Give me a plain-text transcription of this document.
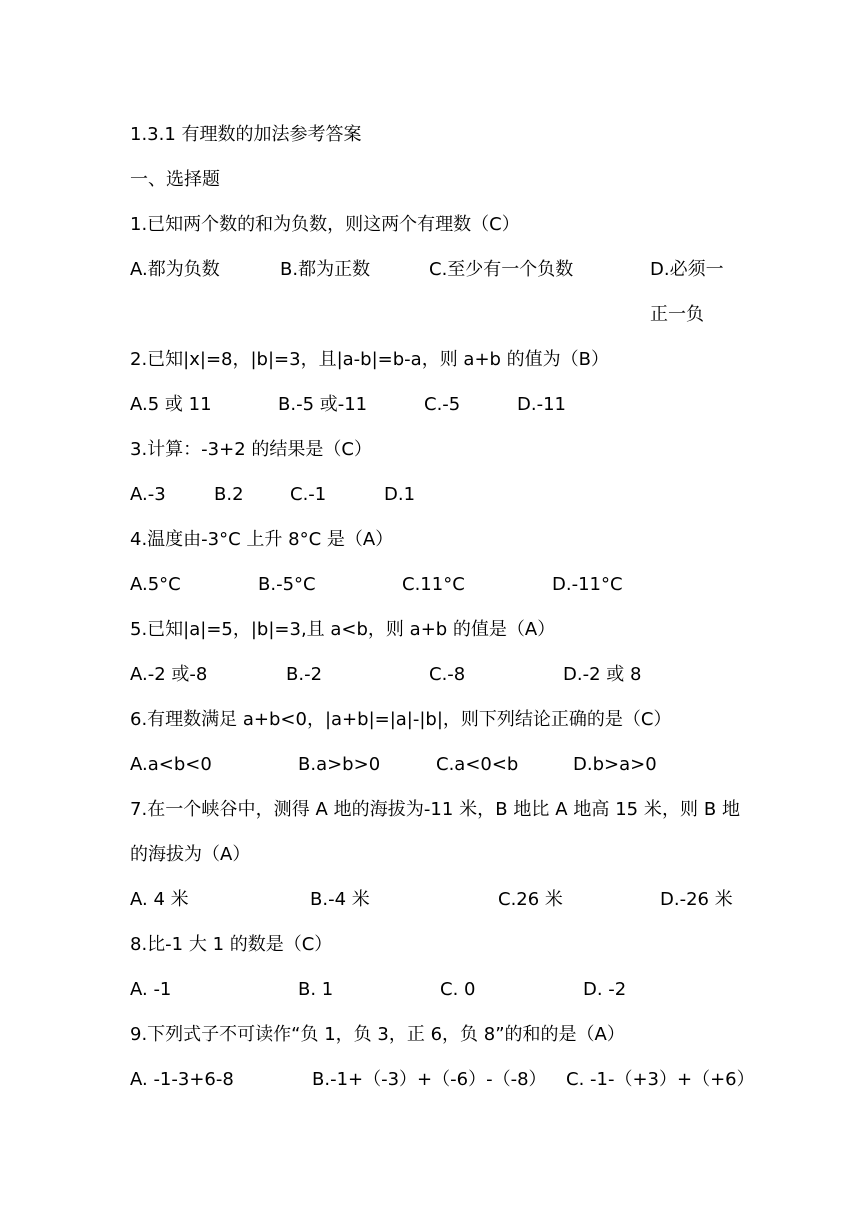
1.3.1 有理数的加法参考答案
一、选择题
1.已知两个数的和为负数，则这两个有理数（C）
A.都为负数	B.都为正数	C.至少有一个负数	D.必须一正一负
2.已知|x|=8，|b|=3，且|a-b|=b-a，则 a+b 的值为（B）
A.5 或 11	B.-5 或-11	C.-5	D.-11
3.计算：-3+2 的结果是（C）
A.-3	B.2	C.-1	D.1
4.温度由-3°C 上升 8°C 是（A）
A.5°C	B.-5°C	C.11°C	D.-11°C
5.已知|a|=5，|b|=3,且 a<b，则 a+b 的值是（A）
A.-2 或-8	B.-2	C.-8	D.-2 或 8
6.有理数满足 a+b<0，|a+b|=|a|-|b|，则下列结论正确的是（C）
A.a<b<0	B.a>b>0	C.a<0<b	D.b>a>0
7.在一个峡谷中，测得 A 地的海拔为-11 米，B 地比 A 地高 15 米，则 B 地的海拔为（A）
A. 4 米	B.-4 米	C.26 米	D.-26 米
8.比-1 大 1 的数是（C）
A. -1	B. 1	C. 0	D. -2
9.下列式子不可读作“负 1，负 3，正 6，负 8”的和的是（A）
A. -1-3+6-8	B.-1+（-3）+（-6）-（-8） C. -1-（+3）+（+6）
